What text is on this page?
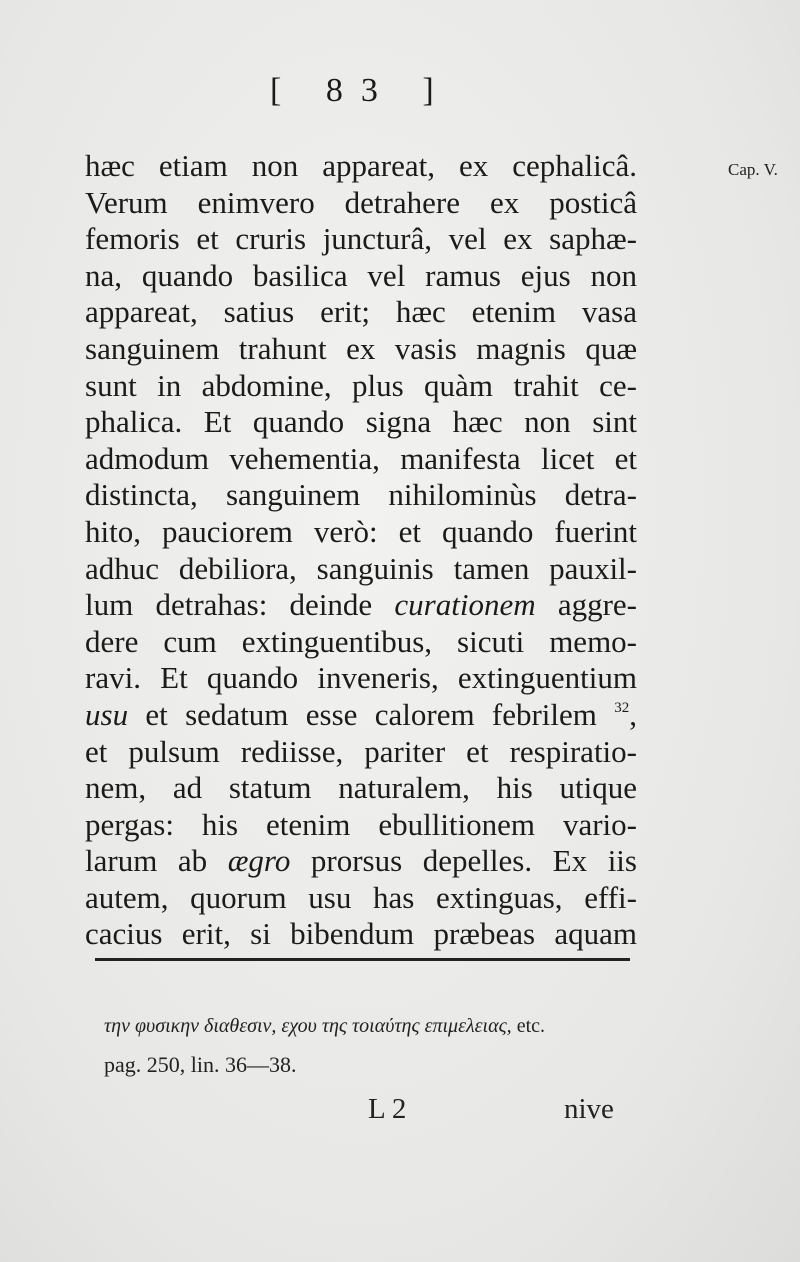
[ 83 ]
Cap. V.
hæc etiam non appareat, ex cephalicâ.
Verum enimvero detrahere ex posticâ
femoris et cruris juncturâ, vel ex saphæ-
na, quando basilica vel ramus ejus non
appareat, satius erit; hæc etenim vasa
sanguinem trahunt ex vasis magnis quæ
sunt in abdomine, plus quàm trahit ce-
phalica. Et quando signa hæc non sint
admodum vehementia, manifesta licet et
distincta, sanguinem nihilominùs detra-
hito, pauciorem verò: et quando fuerint
adhuc debiliora, sanguinis tamen pauxil-
lum detrahas: deinde curationem aggre-
dere cum extinguentibus, sicuti memo-
ravi. Et quando inveneris, extinguentium
usu et sedatum esse calorem febrilem $^{32}$,
et pulsum rediisse, pariter et respiratio-
nem, ad statum naturalem, his utique
pergas: his etenim ebullitionem vario-
larum ab ægro prorsus depelles. Ex iis
autem, quorum usu has extinguas, effi-
cacius erit, si bibendum præbeas aquam
την φυσικην διαθεσιν, εχου της τοιαύτης επιμελειας, etc.
pag. 250, lin. 36—38.
L 2	nive
